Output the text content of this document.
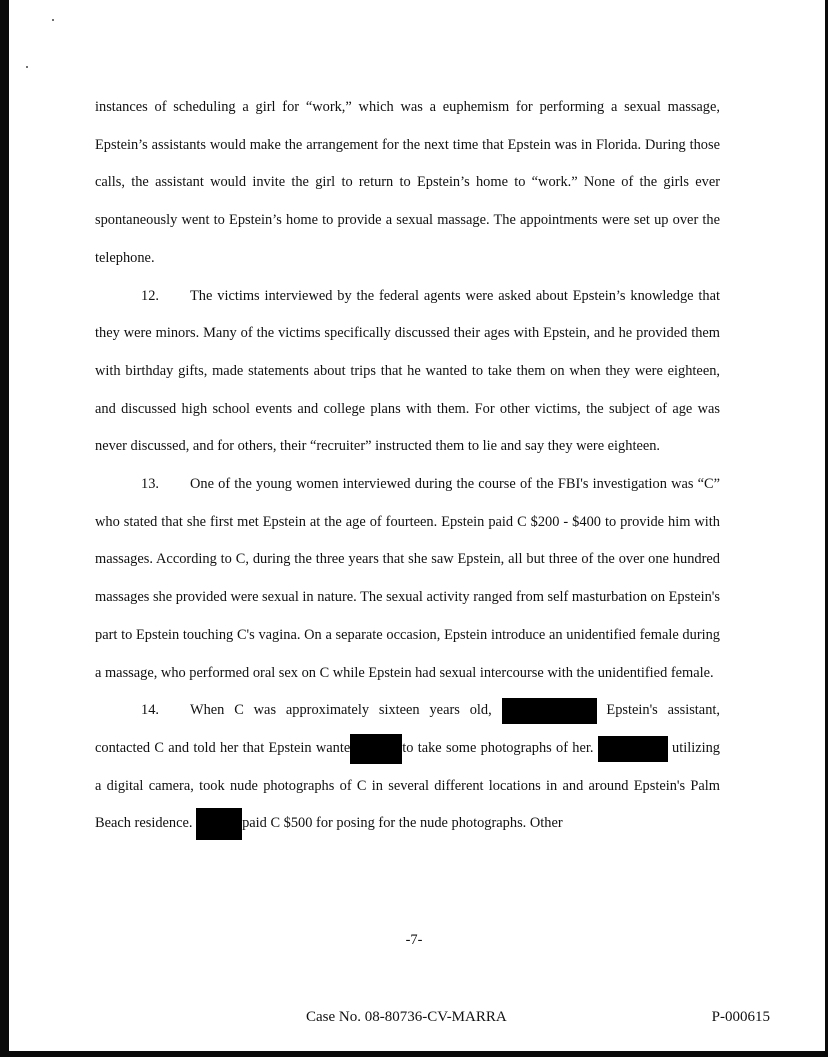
instances of scheduling a girl for “work,” which was a euphemism for performing a sexual massage, Epstein’s assistants would make the arrangement for the next time that Epstein was in Florida. During those calls, the assistant would invite the girl to return to Epstein’s home to “work.” None of the girls ever spontaneously went to Epstein’s home to provide a sexual massage. The appointments were set up over the telephone.

12. The victims interviewed by the federal agents were asked about Epstein’s knowledge that they were minors. Many of the victims specifically discussed their ages with Epstein, and he provided them with birthday gifts, made statements about trips that he wanted to take them on when they were eighteen, and discussed high school events and college plans with them. For other victims, the subject of age was never discussed, and for others, their “recruiter” instructed them to lie and say they were eighteen.

13. One of the young women interviewed during the course of the FBI's investigation was “C” who stated that she first met Epstein at the age of fourteen. Epstein paid C $200 - $400 to provide him with massages. According to C, during the three years that she saw Epstein, all but three of the over one hundred massages she provided were sexual in nature. The sexual activity ranged from self masturbation on Epstein's part to Epstein touching C's vagina. On a separate occasion, Epstein introduce an unidentified female during a massage, who performed oral sex on C while Epstein had sexual intercourse with the unidentified female.

14. When C was approximately sixteen years old,	Epstein's assistant, contacted C and told her that Epstein wante	to take some photographs of her.	utilizing a digital camera, took nude photographs of C in several different locations in and around Epstein's Palm Beach residence.	paid C $500 for posing for the nude photographs. Other

-7-
Case No. 08-80736-CV-MARRA	P-000615
